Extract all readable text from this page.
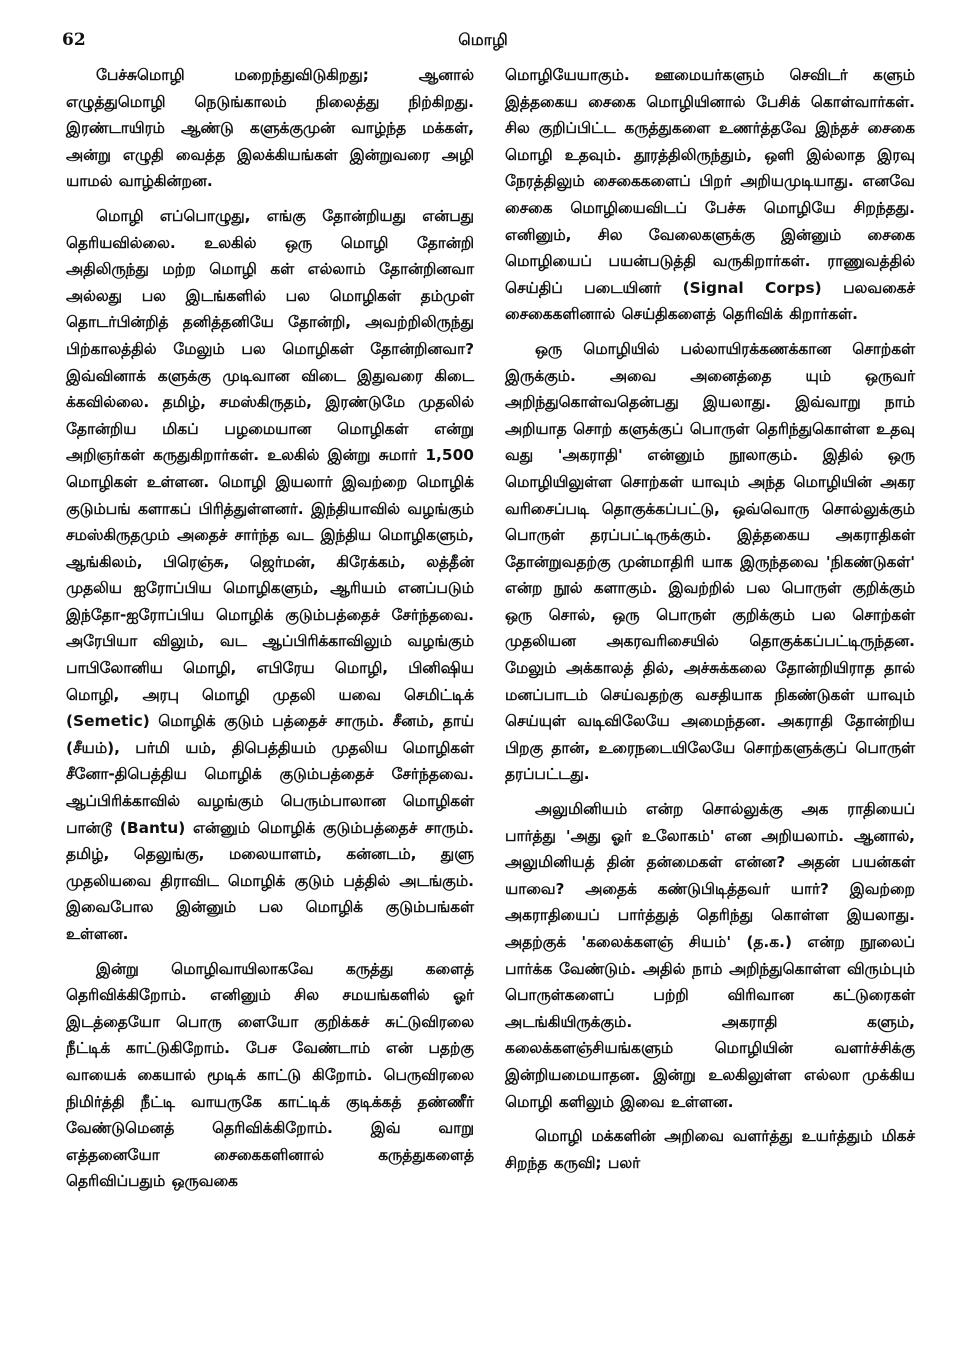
62	மொழி

பேச்சுமொழி மறைந்துவிடுகிறது; ஆனால் எழுத்துமொழி நெடுங்காலம் நிலைத்து நிற்கிறது. இரண்டாயிரம் ஆண்டு களுக்குமுன் வாழ்ந்த மக்கள், அன்று எழுதி வைத்த இலக்கியங்கள் இன்றுவரை அழி யாமல் வாழ்கின்றன.

மொழி எப்பொழுது, எங்கு தோன்றியது என்பது தெரியவில்லை. உலகில் ஒரு மொழி தோன்றி அதிலிருந்து மற்ற மொழி கள் எல்லாம் தோன்றினவா அல்லது பல இடங்களில் பல மொழிகள் தம்முள் தொடர்பின்றித் தனித்தனியே தோன்றி, அவற்றிலிருந்து பிற்காலத்தில் மேலும் பல மொழிகள் தோன்றினவா? இவ்வினாக் களுக்கு முடிவான விடை இதுவரை கிடை க்கவில்லை. தமிழ், சமஸ்கிருதம், இரண்டுமே முதலில் தோன்றிய மிகப் பழமையான மொழிகள் என்று அறிஞர்கள் கருதுகிறார்கள். உலகில் இன்று சுமார் 1,500 மொழிகள் உள்ளன. மொழி இயலார் இவற்றை மொழிக் குடும்பங் களாகப் பிரித்துள்ளனர். இந்தியாவில் வழங்கும் சமஸ்கிருதமும் அதைச் சார்ந்த வட இந்திய மொழிகளும், ஆங்கிலம், பிரெஞ்சு, ஜெர்மன், கிரேக்கம், லத்தீன் முதலிய ஐரோப்பிய மொழிகளும், ஆரியம் எனப்படும் இந்தோ-ஐரோப்பிய மொழிக் குடும்பத்தைச் சேர்ந்தவை. அரேபியா விலும், வட ஆப்பிரிக்காவிலும் வழங்கும் பாபிலோனிய மொழி, எபிரேய மொழி, பினிஷிய மொழி, அரபு மொழி முதலி யவை செமிட்டிக் (Semetic) மொழிக் குடும் பத்தைச் சாரும். சீனம், தாய் (சீயம்), பர்மி யம், திபெத்தியம் முதலிய மொழிகள் சீனோ-திபெத்திய மொழிக் குடும்பத்தைச் சேர்ந்தவை. ஆப்பிரிக்காவில் வழங்கும் பெரும்பாலான மொழிகள் பான்டூ (Bantu) என்னும் மொழிக் குடும்பத்தைச் சாரும். தமிழ், தெலுங்கு, மலையாளம், கன்னடம், துளு முதலியவை திராவிட மொழிக் குடும் பத்தில் அடங்கும். இவைபோல இன்னும் பல மொழிக் குடும்பங்கள் உள்ளன.

இன்று மொழிவாயிலாகவே கருத்து களைத் தெரிவிக்கிறோம். எனினும் சில சமயங்களில் ஓர் இடத்தையோ பொரு ளையோ குறிக்கச் சுட்டுவிரலை நீட்டிக் காட்டுகிறோம். பேச வேண்டாம் என் பதற்கு வாயைக் கையால் மூடிக் காட்டு கிறோம். பெருவிரலை நிமிர்த்தி நீட்டி வாயருகே காட்டிக் குடிக்கத் தண்ணீர் வேண்டுமெனத் தெரிவிக்கிறோம். இவ் வாறு எத்தனையோ சைகைகளினால் கருத்துகளைத் தெரிவிப்பதும் ஒருவகை

மொழியேயாகும். ஊமையர்களும் செவிடர் களும் இத்தகைய சைகை மொழியினால் பேசிக் கொள்வார்கள். சில குறிப்பிட்ட கருத்துகளை உணர்த்தவே இந்தச் சைகை மொழி உதவும். தூரத்திலிருந்தும், ஒளி இல்லாத இரவு நேரத்திலும் சைகைகளைப் பிறர் அறியமுடியாது. எனவே சைகை மொழியைவிடப் பேச்சு மொழியே சிறந்தது. எனினும், சில வேலைகளுக்கு இன்னும் சைகை மொழியைப் பயன்படுத்தி வருகிறார்கள். ராணுவத்தில் செய்திப் படையினர் (Signal Corps) பலவகைச் சைகைகளினால் செய்திகளைத் தெரிவிக் கிறார்கள்.

ஒரு மொழியில் பல்லாயிரக்கணக்கான சொற்கள் இருக்கும். அவை அனைத்தை யும் ஒருவர் அறிந்துகொள்வதென்பது இயலாது. இவ்வாறு நாம் அறியாத சொற் களுக்குப் பொருள் தெரிந்துகொள்ள உதவு வது 'அகராதி' என்னும் நூலாகும். இதில் ஒரு மொழியிலுள்ள சொற்கள் யாவும் அந்த மொழியின் அகர வரிசைப்படி தொகுக்கப்பட்டு, ஒவ்வொரு சொல்லுக்கும் பொருள் தரப்பட்டிருக்கும். இத்தகைய அகராதிகள் தோன்றுவதற்கு முன்மாதிரி யாக இருந்தவை 'நிகண்டுகள்' என்ற நூல் களாகும். இவற்றில் பல பொருள் குறிக்கும் ஒரு சொல், ஒரு பொருள் குறிக்கும் பல சொற்கள் முதலியன அகரவரிசையில் தொகுக்கப்பட்டிருந்தன. மேலும் அக்காலத் தில், அச்சுக்கலை தோன்றியிராத தால் மனப்பாடம் செய்வதற்கு வசதியாக நிகண்டுகள் யாவும் செய்யுள் வடிவிலேயே அமைந்தன. அகராதி தோன்றிய பிறகு தான், உரைநடையிலேயே சொற்களுக்குப் பொருள் தரப்பட்டது.

அலுமினியம் என்ற சொல்லுக்கு அக ராதியைப் பார்த்து 'அது ஓர் உலோகம்' என அறியலாம். ஆனால், அலுமினியத் தின் தன்மைகள் என்ன? அதன் பயன்கள் யாவை? அதைக் கண்டுபிடித்தவர் யார்? இவற்றை அகராதியைப் பார்த்துத் தெரிந்து கொள்ள இயலாது. அதற்குக் 'கலைக்களஞ் சியம்' (த.க.) என்ற நூலைப் பார்க்க வேண்டும். அதில் நாம் அறிந்துகொள்ள விரும்பும் பொருள்களைப் பற்றி விரிவான கட்டுரைகள் அடங்கியிருக்கும். அகராதி களும், கலைக்களஞ்சியங்களும் மொழியின் வளர்ச்சிக்கு இன்றியமையாதன. இன்று உலகிலுள்ள எல்லா முக்கிய மொழி களிலும் இவை உள்ளன.

மொழி மக்களின் அறிவை வளர்த்து உயர்த்தும் மிகச் சிறந்த கருவி; பலர்
